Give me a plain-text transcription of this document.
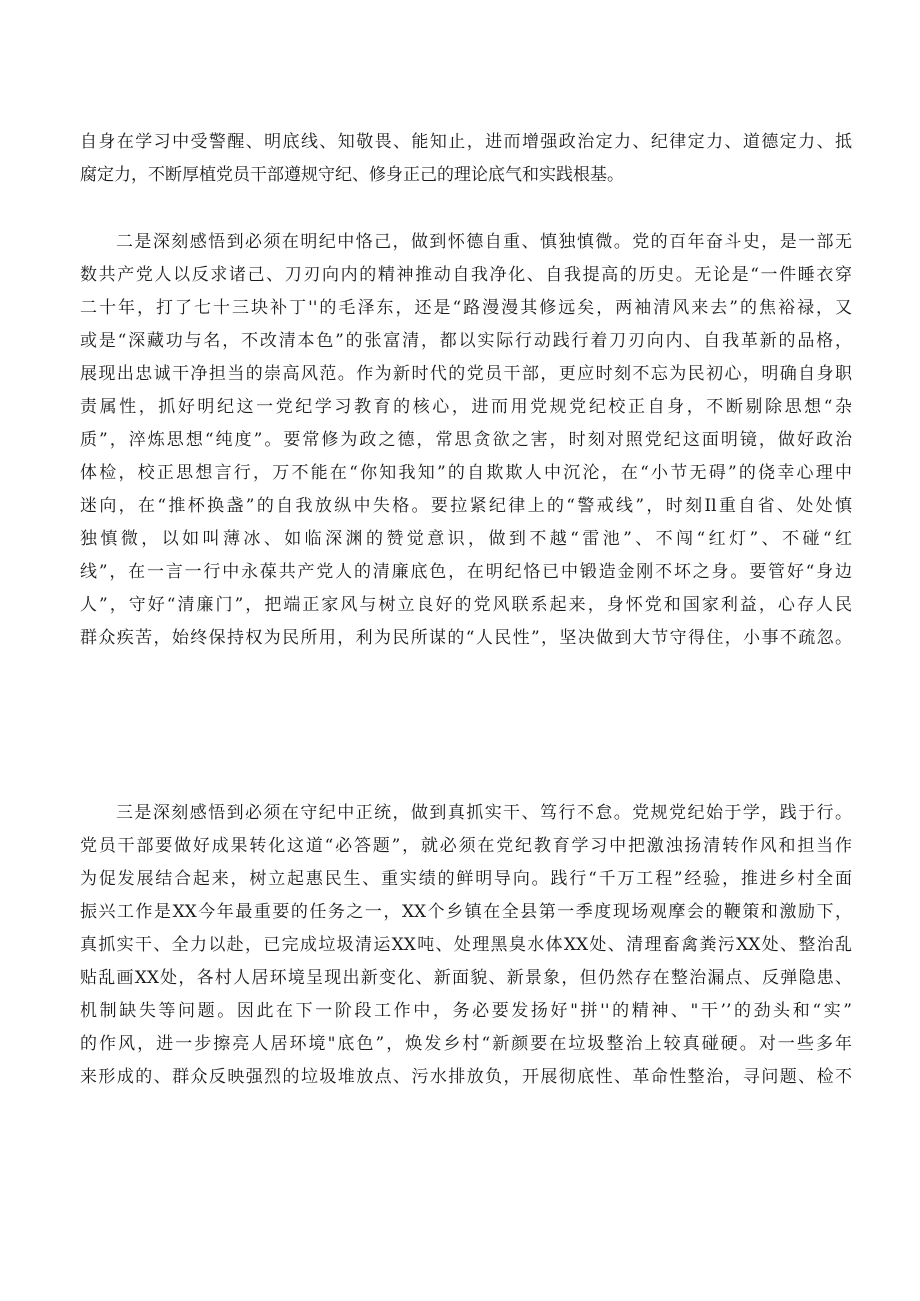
自身在学习中受警醒、明底线、知敬畏、能知止，进而增强政治定力、纪律定力、道德定力、抵
腐定力，不断厚植党员干部遵规守纪、修身正己的理论底气和实践根基。
二是深刻感悟到必须在明纪中恪己，做到怀德自重、慎独慎微。党的百年奋斗史，是一部无
数共产党人以反求诸己、刀刃向内的精神推动自我净化、自我提高的历史。无论是“一件睡衣穿
二十年，打了七十三块补丁''的毛泽东，还是“路漫漫其修远矣，两袖清风来去”的焦裕禄，又
或是“深藏功与名，不改清本色”的张富清，都以实际行动践行着刀刃向内、自我革新的品格，
展现出忠诚干净担当的崇高风范。作为新时代的党员干部，更应时刻不忘为民初心，明确自身职
责属性，抓好明纪这一党纪学习教育的核心，进而用党规党纪校正自身，不断剔除思想“杂
质”，淬炼思想“纯度”。要常修为政之德，常思贪欲之害，时刻对照党纪这面明镜，做好政治
体检，校正思想言行，万不能在“你知我知”的自欺欺人中沉沦，在“小节无碍”的侥幸心理中
迷向，在“推杯换盏”的自我放纵中失格。要拉紧纪律上的“警戒线”，时刻Il重自省、处处慎
独慎微，以如叫薄冰、如临深渊的赞觉意识，做到不越“雷池”、不闯“红灯”、不碰“红
线”，在一言一行中永葆共产党人的清廉底色，在明纪恪已中锻造金刚不坏之身。要管好“身边
人”，守好“清廉门”，把端正家风与树立良好的党风联系起来，身怀党和国家利益，心存人民
群众疾苦，始终保持权为民所用，利为民所谋的“人民性”，坚决做到大节守得住，小事不疏忽。
三是深刻感悟到必须在守纪中正统，做到真抓实干、笃行不怠。党规党纪始于学，践于行。
党员干部要做好成果转化这道“必答题”，就必须在党纪教育学习中把激浊扬清转作风和担当作
为促发展结合起来，树立起惠民生、重实绩的鲜明导向。践行“千万工程”经验，推进乡村全面
振兴工作是XX今年最重要的任务之一，XX个乡镇在全县第一季度现场观摩会的鞭策和激励下，
真抓实干、全力以赴，已完成垃圾清运XX吨、处理黑臭水体XX处、清理畜禽粪污XX处、整治乱
贴乱画XX处，各村人居环境呈现出新变化、新面貌、新景象，但仍然存在整治漏点、反弹隐患、
机制缺失等问题。因此在下一阶段工作中，务必要发扬好"拼''的精神、"干’’的劲头和“实”
的作风，进一步擦亮人居环境"底色”，焕发乡村“新颜要在垃圾整治上较真碰硬。对一些多年
来形成的、群众反映强烈的垃圾堆放点、污水排放负，开展彻底性、革命性整治，寻问题、检不
